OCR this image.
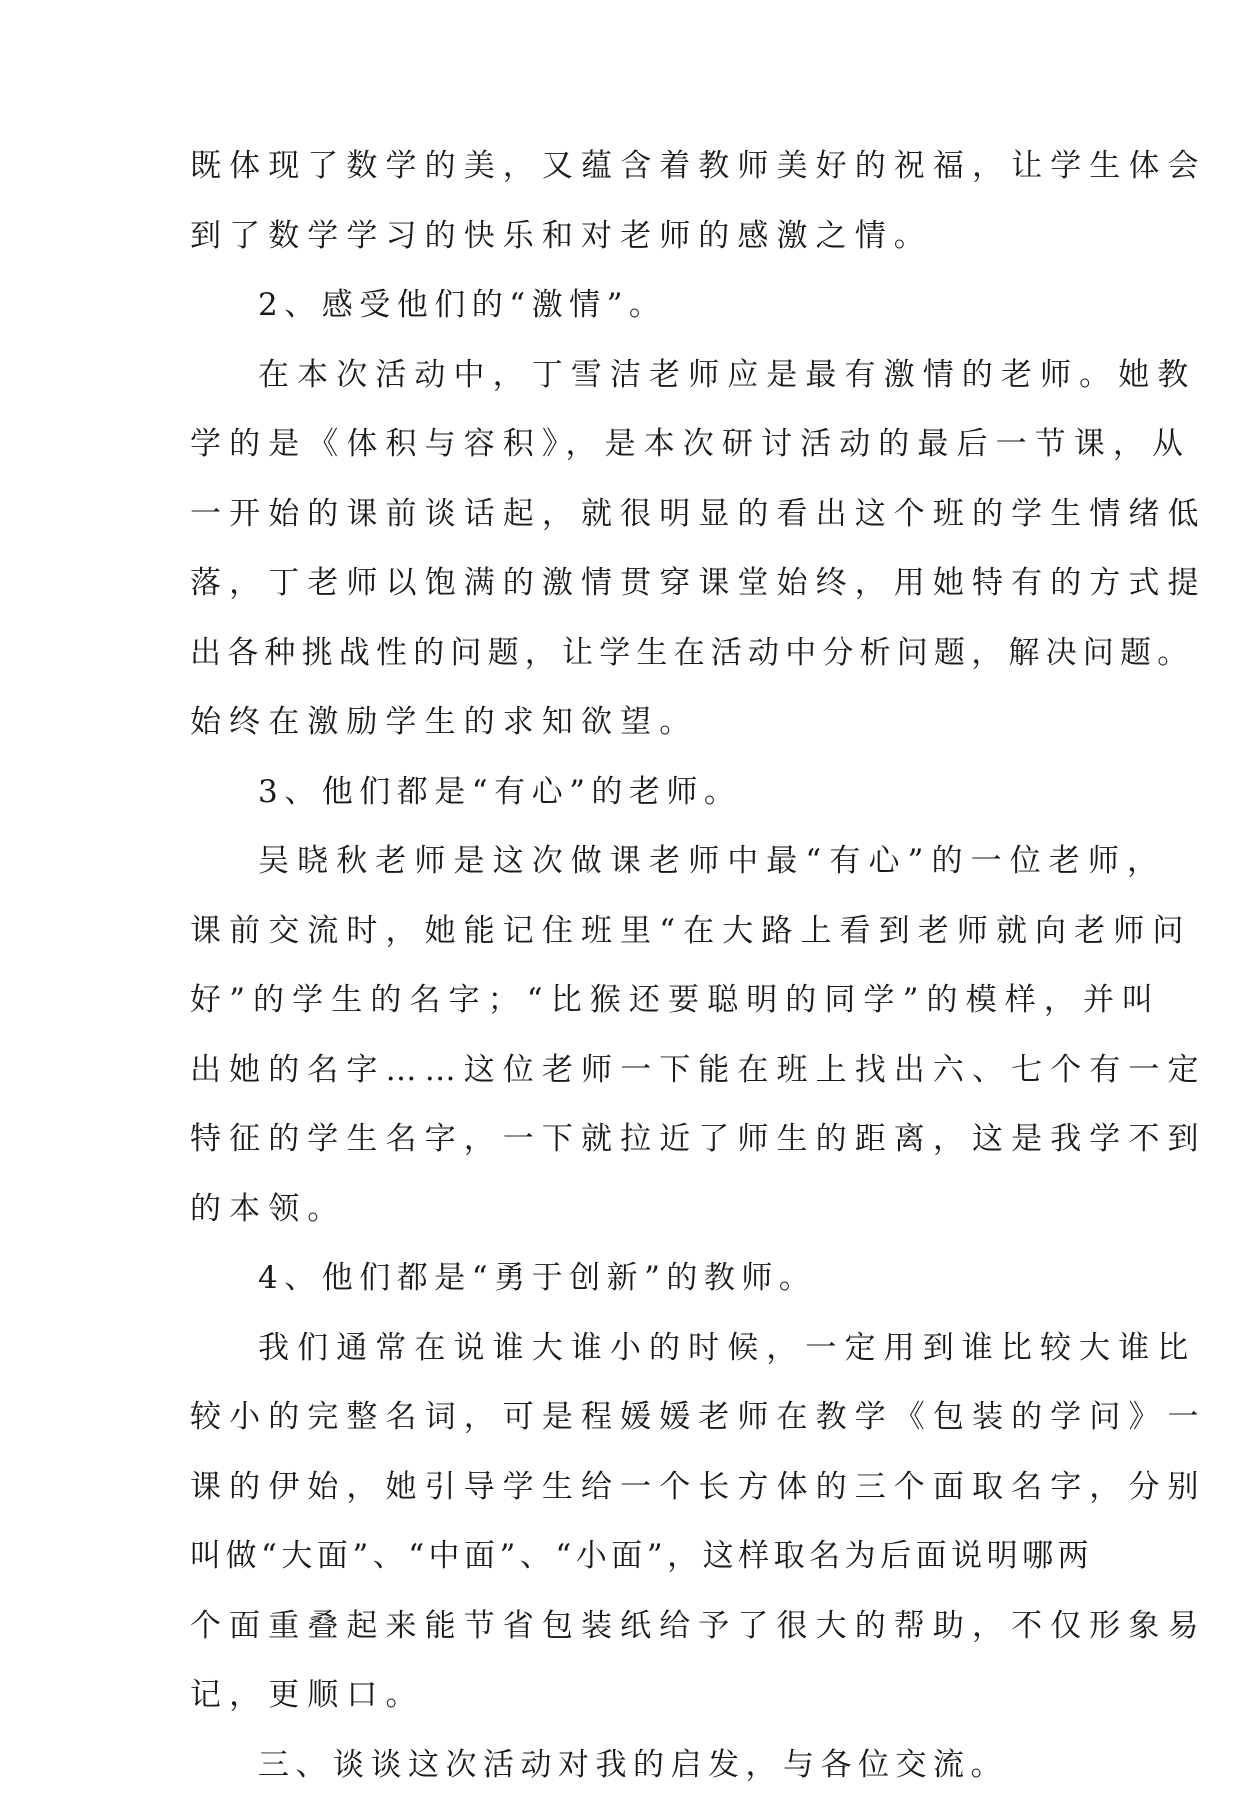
既体现了数学的美，又蕴含着教师美好的祝福，让学生体会
到了数学学习的快乐和对老师的感激之情。
2、感受他们的“激情”。
在本次活动中，丁雪洁老师应是最有激情的老师。她教
学的是《体积与容积》，是本次研讨活动的最后一节课，从
一开始的课前谈话起，就很明显的看出这个班的学生情绪低
落，丁老师以饱满的激情贯穿课堂始终，用她特有的方式提
出各种挑战性的问题，让学生在活动中分析问题，解决问题。
始终在激励学生的求知欲望。
3、他们都是“有心”的老师。
吴晓秋老师是这次做课老师中最“有心”的一位老师，
课前交流时，她能记住班里“在大路上看到老师就向老师问
好”的学生的名字；“比猴还要聪明的同学”的模样，并叫
出她的名字……这位老师一下能在班上找出六、七个有一定
特征的学生名字，一下就拉近了师生的距离，这是我学不到
的本领。
4、他们都是“勇于创新”的教师。
我们通常在说谁大谁小的时候，一定用到谁比较大谁比
较小的完整名词，可是程媛媛老师在教学《包装的学问》一
课的伊始，她引导学生给一个长方体的三个面取名字，分别
叫做“大面”、“中面”、“小面”，这样取名为后面说明哪两
个面重叠起来能节省包装纸给予了很大的帮助，不仅形象易
记，更顺口。
三、谈谈这次活动对我的启发，与各位交流。
